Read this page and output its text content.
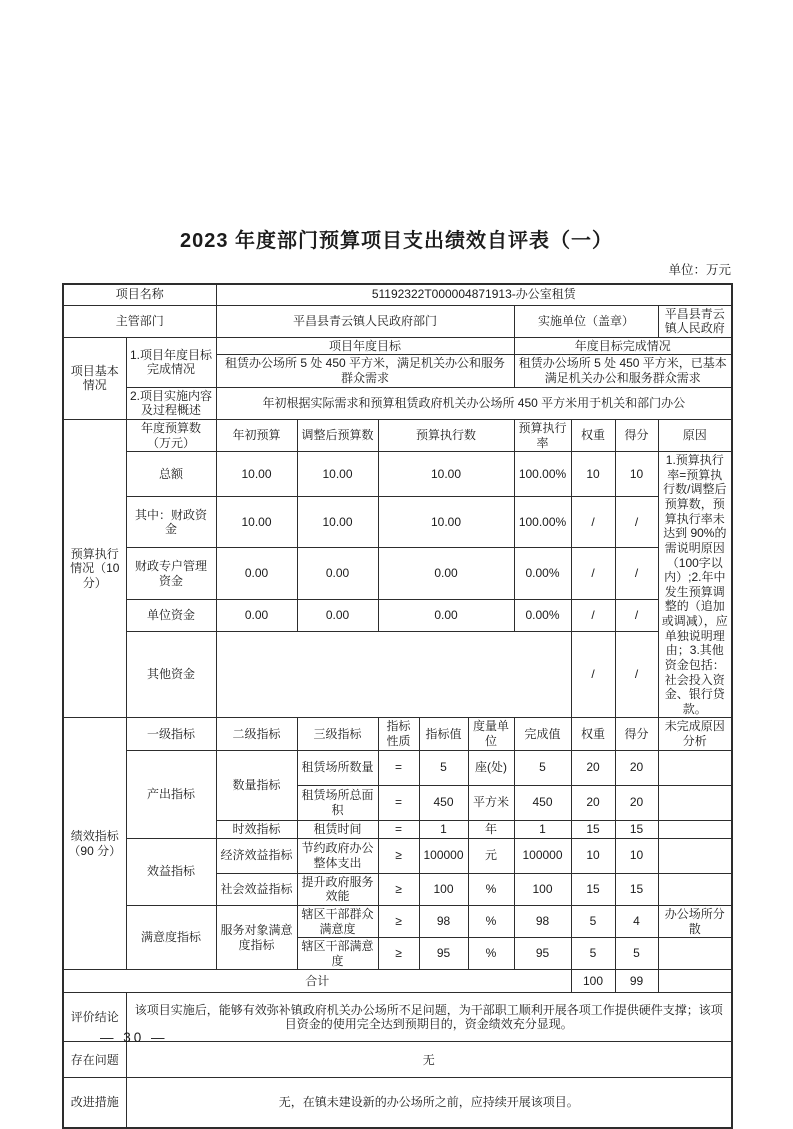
2023 年度部门预算项目支出绩效自评表（一）
单位：万元
项目名称		51192322T000004871913-办公室租赁								
主管部门		平昌县青云镇人民政府部门					实施单位（盖章）			平昌县青云镇人民政府
项目基本情况	1.项目年度目标完成情况	项目年度目标					年度目标完成情况			
		租赁办公场所 5 处 450 平方米，满足机关办公和服务群众需求					租赁办公场所 5 处 450 平方米，已基本满足机关办公和服务群众需求			
	2.项目实施内容及过程概述	年初根据实际需求和预算租赁政府机关办公场所 450 平方米用于机关和部门办公								
预算执行情况（10 分）	年度预算数（万元）	年初预算	调整后预算数	预算执行数			预算执行率	权重	得分	原因
	总额	10.00	10.00	10.00			100.00%	10	10	1.预算执行率=预算执行数/调整后预算数，预算执行率未达到 90%的需说明原因（100字以内）;2.年中发生预算调整的（追加或调减），应单独说明理由；3.其他资金包括：社会投入资金、银行贷款。
	其中：财政资金	10.00	10.00	10.00			100.00%	/	/	
	财政专户管理资金	0.00	0.00	0.00			0.00%	/	/	
	单位资金	0.00	0.00	0.00			0.00%	/	/	
	其他资金							/	/	
绩效指标（90 分）	一级指标	二级指标	三级指标	指标性质	指标值	度量单位	完成值	权重	得分	未完成原因分析
	产出指标	数量指标	租赁场所数量	=	5	座(处)	5	20	20	
			租赁场所总面积	=	450	平方米	450	20	20	
		时效指标	租赁时间	=	1	年	1	15	15	
	效益指标	经济效益指标	节约政府办公整体支出	≥	100000	元	100000	10	10	
		社会效益指标	提升政府服务效能	≥	100	%	100	15	15	
	满意度指标	服务对象满意度指标	辖区干部群众满意度	≥	98	%	98	5	4	办公场所分散
			辖区干部满意度	≥	95	%	95	5	5	
合计								100	99	
评价结论	该项目实施后，能够有效弥补镇政府机关办公场所不足问题，为干部职工顺利开展各项工作提供硬件支撑；该项目资金的使用完全达到预期目的，资金绩效充分显现。									
存在问题	无									
改进措施	无，在镇未建设新的办公场所之前，应持续开展该项目。									
— 30 —
